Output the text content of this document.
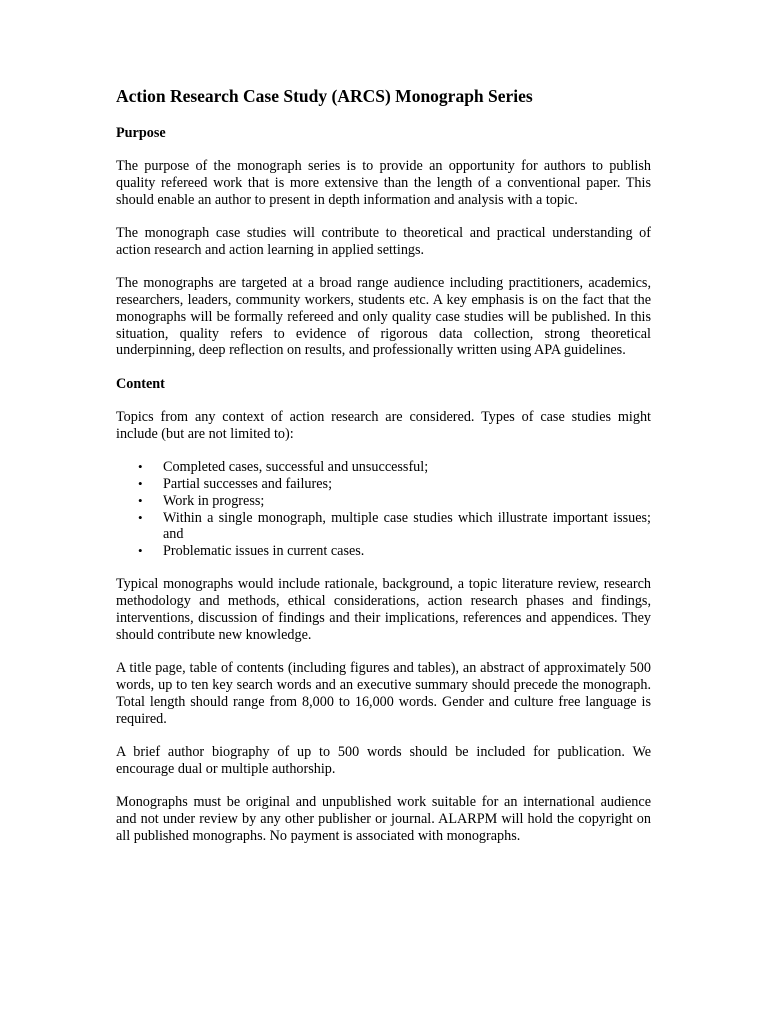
Action Research Case Study (ARCS) Monograph Series
Purpose

The purpose of the monograph series is to provide an opportunity for authors to publish quality refereed work that is more extensive than the length of a conventional paper. This should enable an author to present in depth information and analysis with a topic.

The monograph case studies will contribute to theoretical and practical understanding of action research and action learning in applied settings.

The monographs are targeted at a broad range audience including practitioners, academics, researchers, leaders, community workers, students etc. A key emphasis is on the fact that the monographs will be formally refereed and only quality case studies will be published. In this situation, quality refers to evidence of rigorous data collection, strong theoretical underpinning, deep reflection on results, and professionally written using APA guidelines.

Content

Topics from any context of action research are considered. Types of case studies might include (but are not limited to):

• Completed cases, successful and unsuccessful;
• Partial successes and failures;
• Work in progress;
• Within a single monograph, multiple case studies which illustrate important issues; and
• Problematic issues in current cases.

Typical monographs would include rationale, background, a topic literature review, research methodology and methods, ethical considerations, action research phases and findings, interventions, discussion of findings and their implications, references and appendices. They should contribute new knowledge.

A title page, table of contents (including figures and tables), an abstract of approximately 500 words, up to ten key search words and an executive summary should precede the monograph. Total length should range from 8,000 to 16,000 words. Gender and culture free language is required.

A brief author biography of up to 500 words should be included for publication. We encourage dual or multiple authorship.

Monographs must be original and unpublished work suitable for an international audience and not under review by any other publisher or journal. ALARPM will hold the copyright on all published monographs. No payment is associated with monographs.
